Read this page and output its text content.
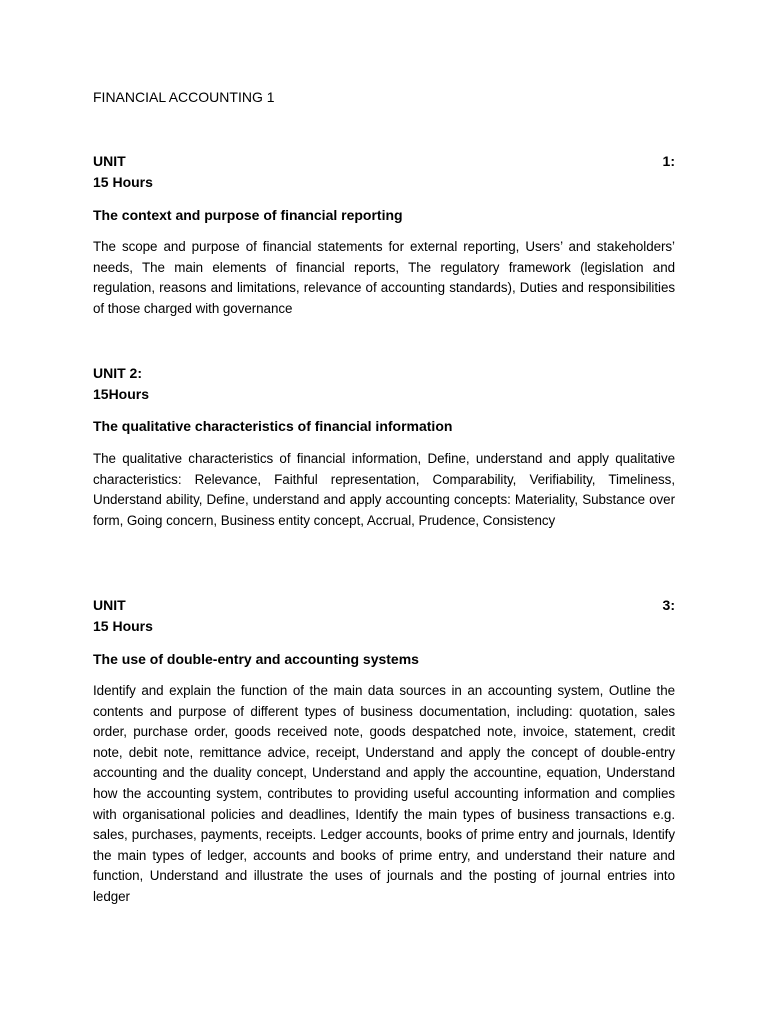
FINANCIAL ACCOUNTING 1
UNIT	1:
15 Hours
The context and purpose of financial reporting
The scope and purpose of financial statements for external reporting, Users’ and stakeholders’ needs, The main elements of financial reports, The regulatory framework (legislation and regulation, reasons and limitations, relevance of accounting standards), Duties and responsibilities of those charged with governance
UNIT 2:
15Hours
The qualitative characteristics of financial information
The qualitative characteristics of financial information, Define, understand and apply qualitative characteristics: Relevance, Faithful representation, Comparability, Verifiability, Timeliness, Understand ability, Define, understand and apply accounting concepts: Materiality, Substance over form, Going concern, Business entity concept, Accrual, Prudence, Consistency
UNIT	3:
15 Hours
The use of double-entry and accounting systems
Identify and explain the function of the main data sources in an accounting system, Outline the contents and purpose of different types of business documentation, including: quotation, sales order, purchase order, goods received note, goods despatched note, invoice, statement, credit note, debit note, remittance advice, receipt, Understand and apply the concept of double-entry accounting and the duality concept, Understand and apply the accountine, equation, Understand how the accounting system, contributes to providing useful accounting information and complies with organisational policies and deadlines, Identify the main types of business transactions e.g. sales, purchases, payments, receipts. Ledger accounts, books of prime entry and journals, Identify the main types of ledger, accounts and books of prime entry, and understand their nature and function, Understand and illustrate the uses of journals and the posting of journal entries into ledger
